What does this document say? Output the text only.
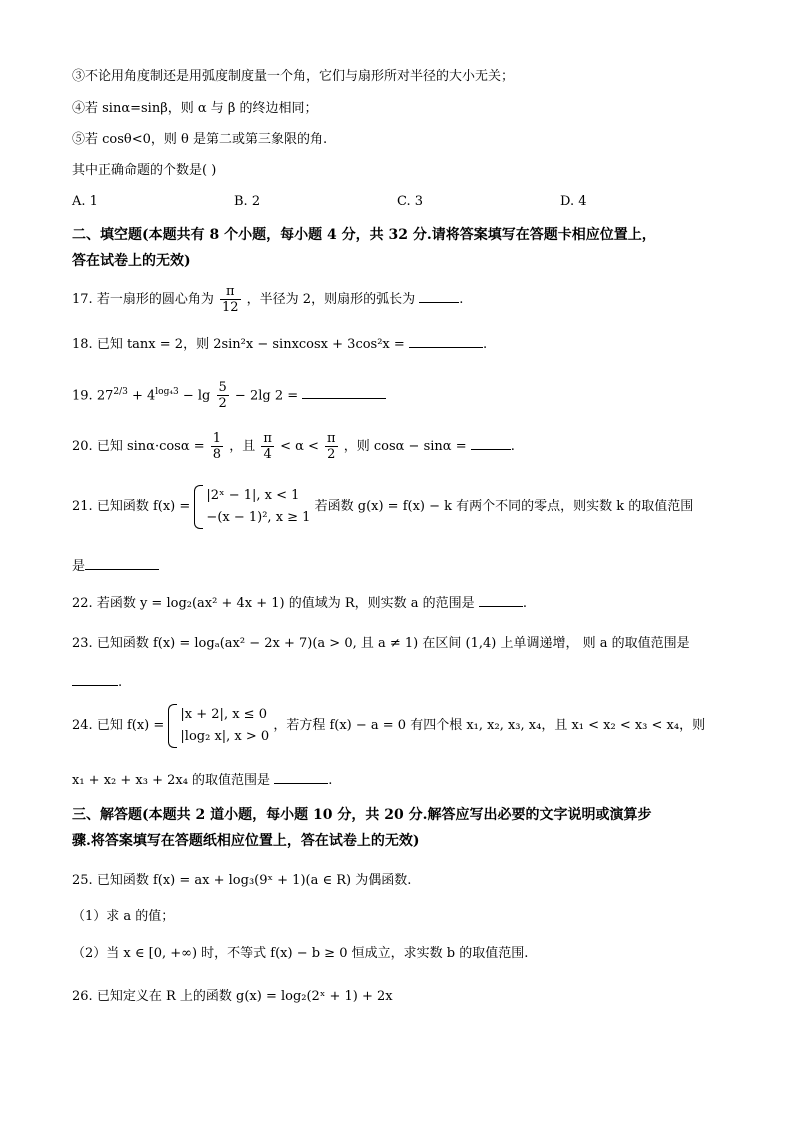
③不论用角度制还是用弧度制度量一个角，它们与扇形所对半径的大小无关；
④若 sinα=sinβ，则 α 与 β 的终边相同；
⑤若 cosθ<0，则 θ 是第二或第三象限的角.
其中正确命题的个数是( )
A. 1	B. 2	C. 3	D. 4
二、填空题(本题共有 8 个小题，每小题 4 分，共 32 分.请将答案填写在答题卡相应位置上，
答在试卷上的无效)
17. 若一扇形的圆心角为 $\frac{\pi}{12}$ ，半径为 2，则扇形的弧长为	.
18. 已知 tanx = 2，则 2sin²x − sinxcosx + 3cos²x =	.
19. $27^{2/3} + 4^{log_43} - \lg \frac{5}{2} - 2\lg$ 2 =
20. 已知 $\sin\alpha\cdot\cos\alpha = \frac{1}{8}$ ，且 $\frac{\pi}{4} < \alpha < \frac{\pi}{2}$ ，则 cosα − sinα =	.
21. 已知函数 f(x) =
|2ˣ − 1|, x < 1
−(x − 1)², x ≥ 1
若函数 g(x) = f(x) − k 有两个不同的零点，则实数 k 的取值范围
是
22. 若函数 y = log₂(ax² + 4x + 1) 的值域为 R，则实数 a 的范围是	.
23. 已知函数 f(x) = logₐ(ax² − 2x + 7)(a > 0, 且 a ≠ 1) 在区间 (1,4) 上单调递增， 则 a 的取值范围是
.
24. 已知 f(x) =
|x + 2|, x ≤ 0
|log₂ x|, x > 0
，若方程 f(x) − a = 0 有四个根 x₁, x₂, x₃, x₄，且 x₁ < x₂ < x₃ < x₄，则
x₁ + x₂ + x₃ + 2x₄ 的取值范围是	.
三、解答题(本题共 2 道小题，每小题 10 分，共 20 分.解答应写出必要的文字说明或演算步
骤.将答案填写在答题纸相应位置上，答在试卷上的无效)
25. 已知函数 f(x) = ax + log₃(9ˣ + 1)(a ∈ R) 为偶函数.
（1）求 a 的值；
（2）当 x ∈ [0, +∞) 时，不等式 f(x) − b ≥ 0 恒成立，求实数 b 的取值范围.
26. 已知定义在 R 上的函数 g(x) = log₂(2ˣ + 1) + 2x
